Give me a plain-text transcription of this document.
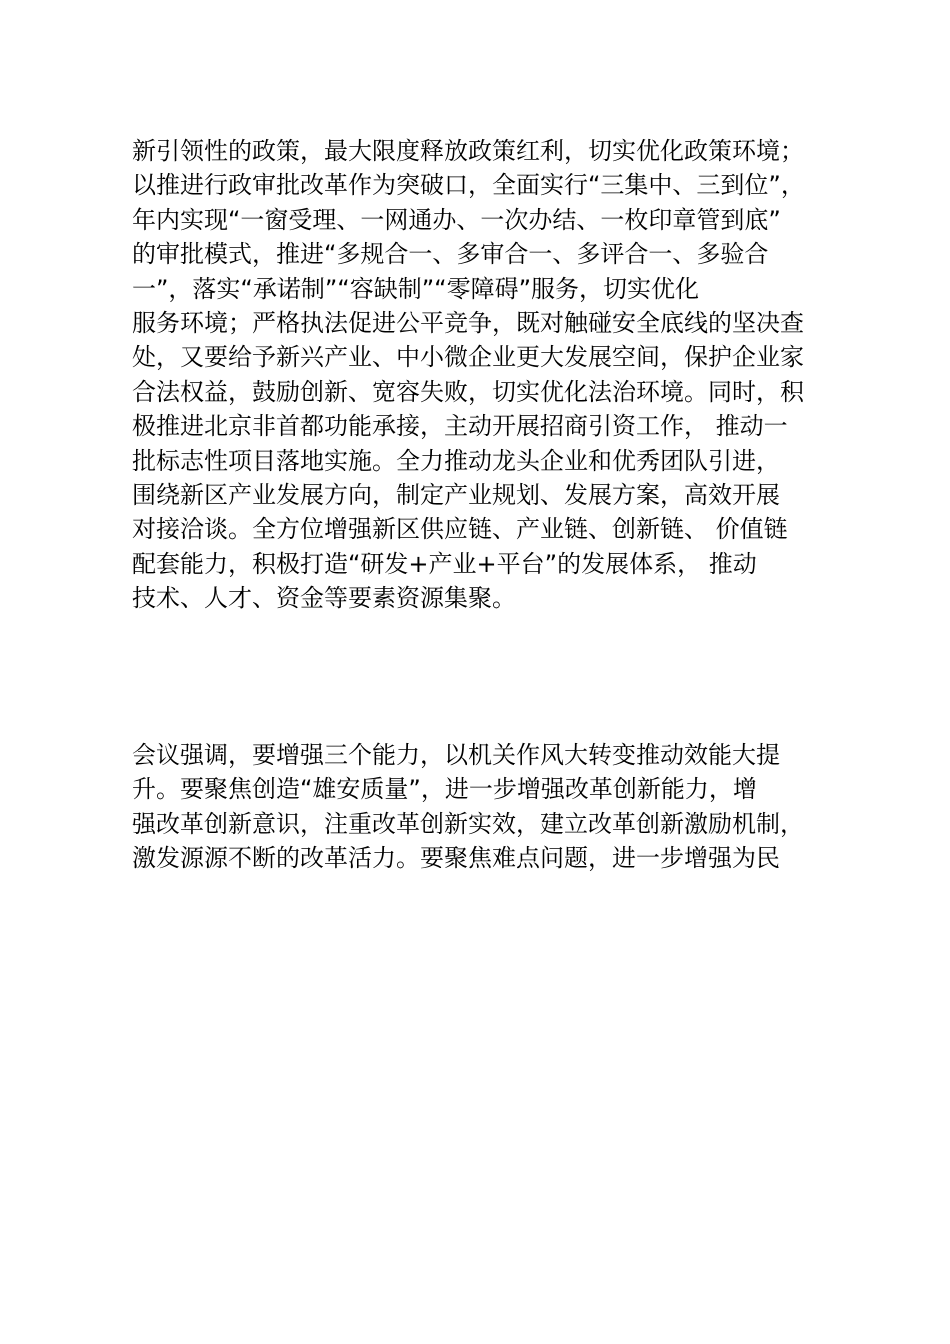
新引领性的政策，最大限度释放政策红利，切实优化政策环境；
以推进行政审批改革作为突破口，全面实行“三集中、三到位”，
年内实现“一窗受理、一网通办、一次办结、一枚印章管到底”
的审批模式，推进“多规合一、多审合一、多评合一、多验合
一”，落实“承诺制”“容缺制”“零障碍”服务，切实优化
服务环境；严格执法促进公平竞争，既对触碰安全底线的坚决查
处，又要给予新兴产业、中小微企业更大发展空间，保护企业家
合法权益，鼓励创新、宽容失败，切实优化法治环境。同时，积
极推进北京非首都功能承接，主动开展招商引资工作， 推动一
批标志性项目落地实施。全力推动龙头企业和优秀团队引进，
围绕新区产业发展方向，制定产业规划、发展方案，高效开展
对接洽谈。全方位增强新区供应链、产业链、创新链、 价值链
配套能力，积极打造“研发+产业+平台”的发展体系， 推动
技术、人才、资金等要素资源集聚。
会议强调，要增强三个能力，以机关作风大转变推动效能大提
升。要聚焦创造“雄安质量”，进一步增强改革创新能力，增
强改革创新意识，注重改革创新实效，建立改革创新激励机制，
激发源源不断的改革活力。要聚焦难点问题，进一步增强为民
